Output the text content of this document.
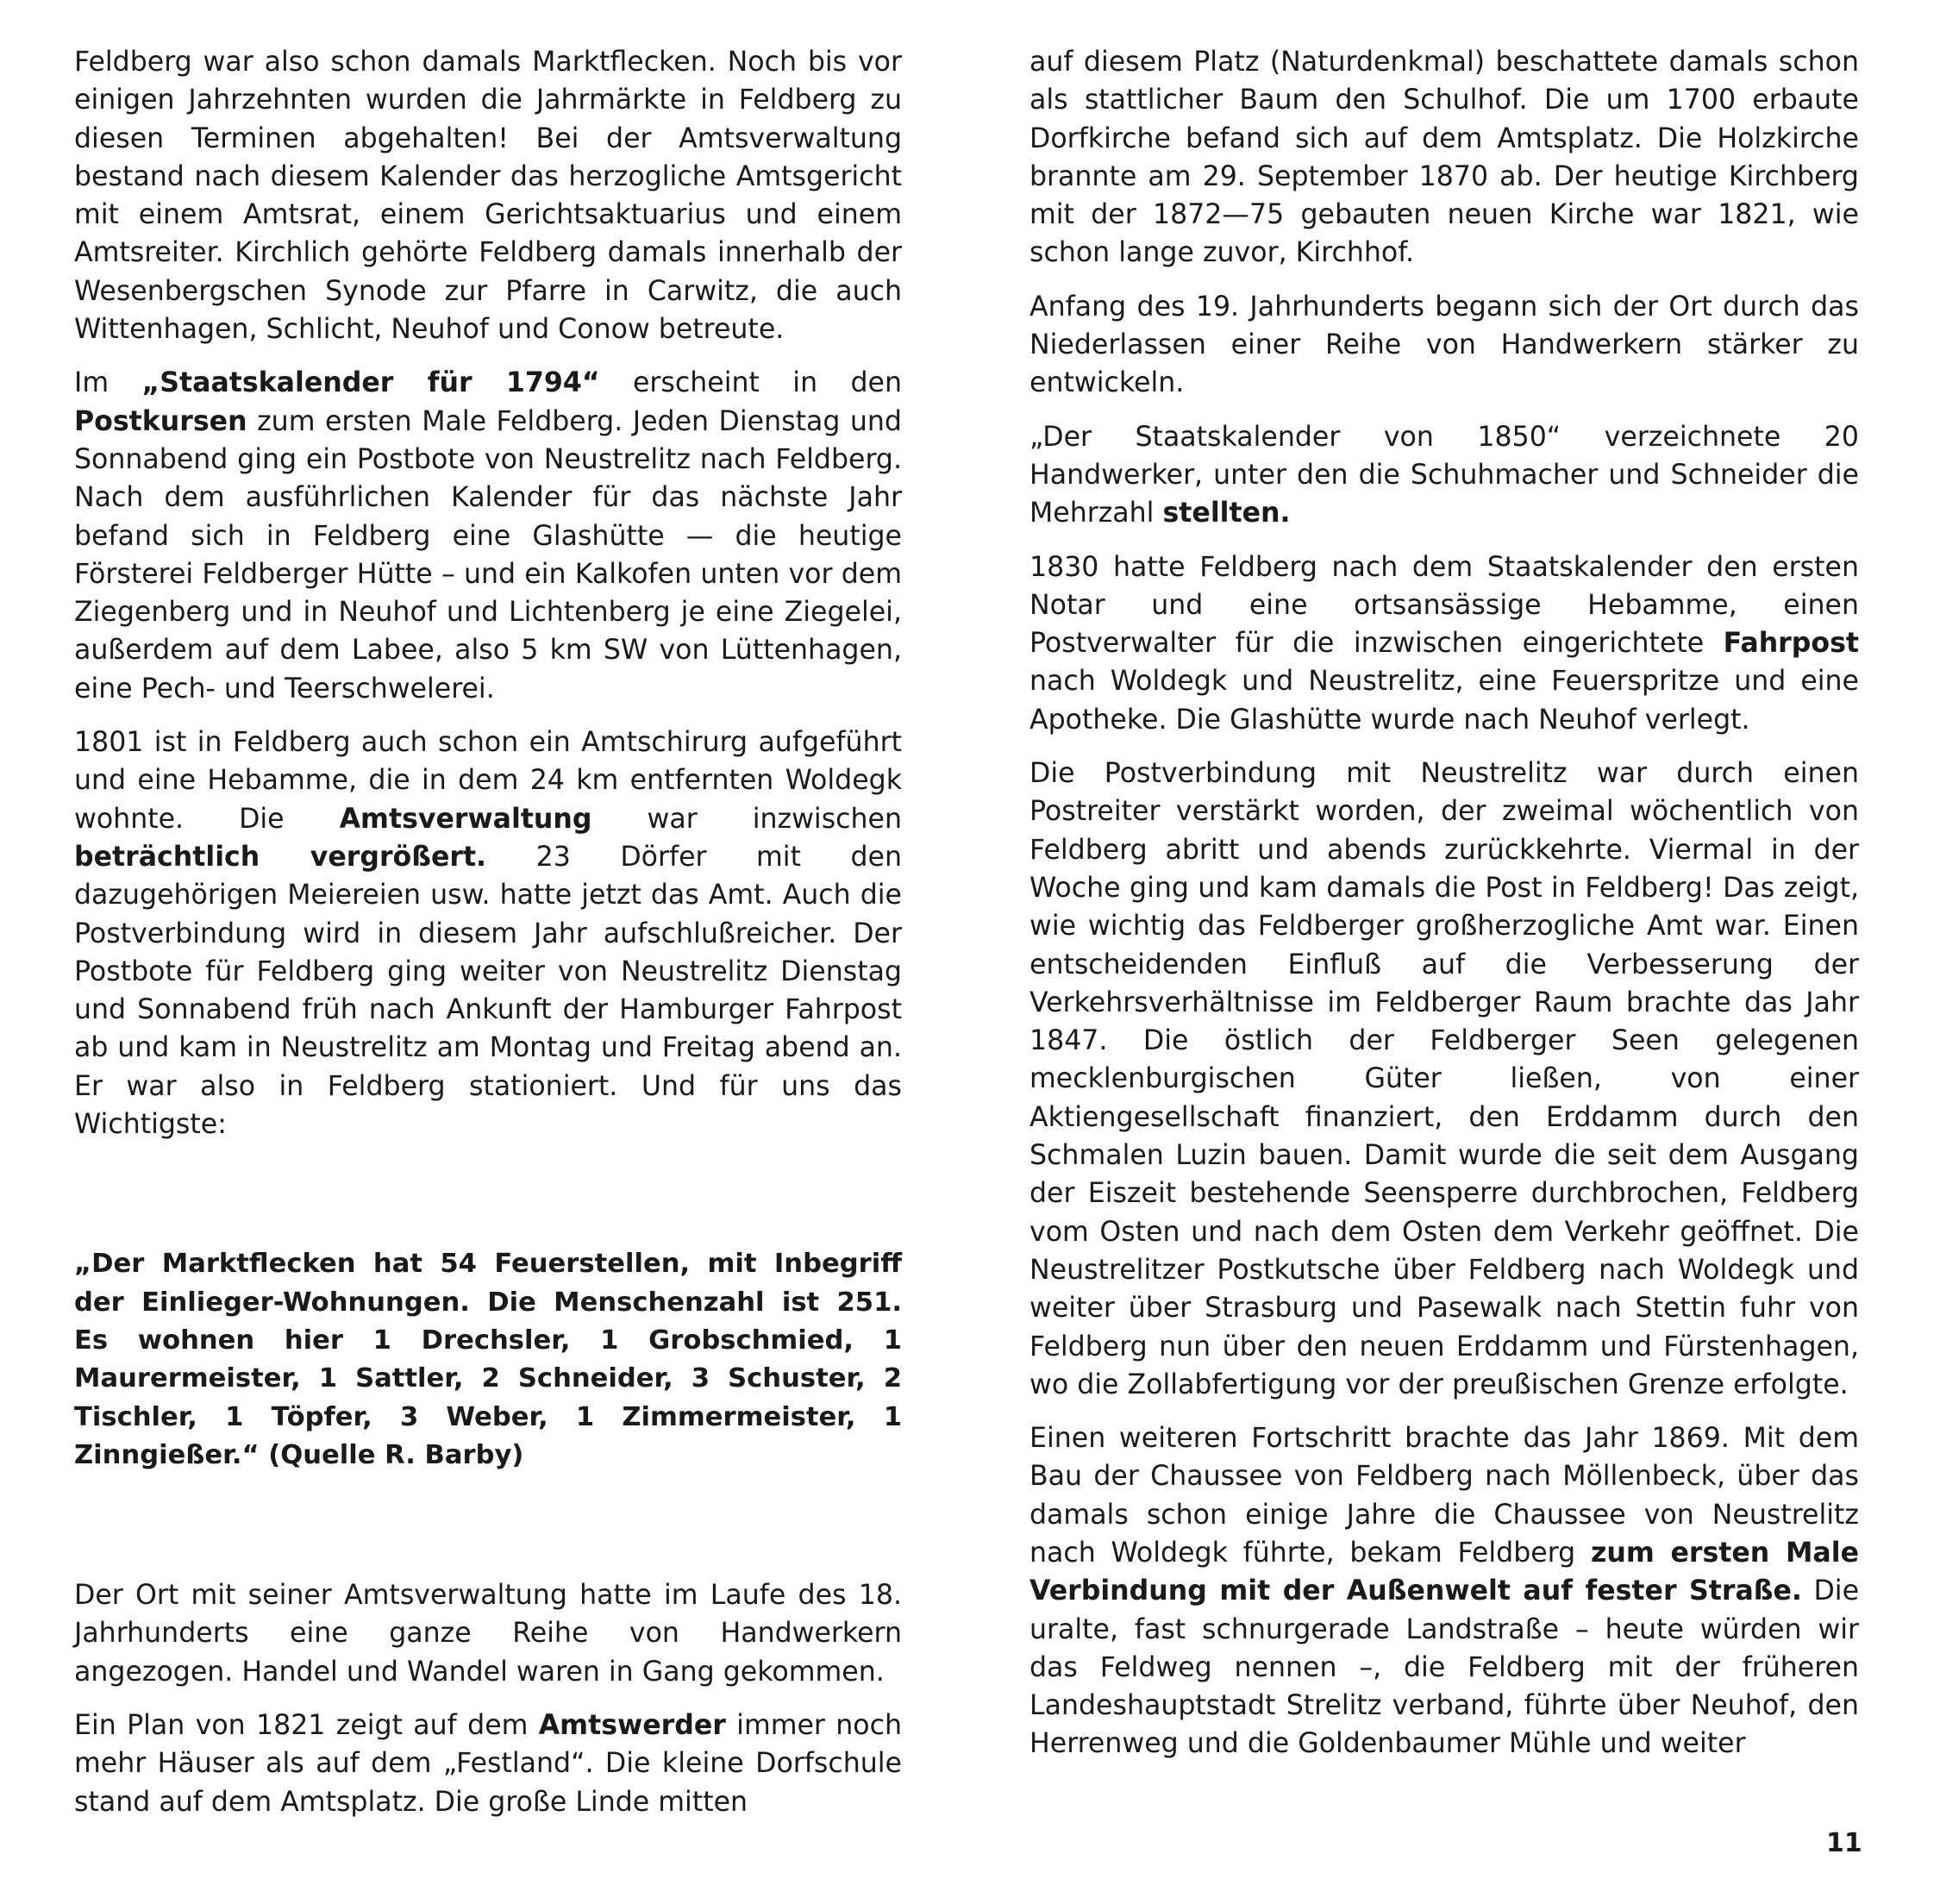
Feldberg war also schon damals Marktflecken. Noch bis vor einigen Jahrzehnten wurden die Jahrmärkte in Feldberg zu diesen Terminen abgehalten! Bei der Amtsverwaltung bestand nach diesem Kalender das herzogliche Amtsgericht mit einem Amtsrat, einem Gerichtsaktuarius und einem Amtsreiter. Kirchlich gehörte Feldberg damals innerhalb der Wesenbergschen Synode zur Pfarre in Carwitz, die auch Wittenhagen, Schlicht, Neuhof und Conow betreute.

Im „Staatskalender für 1794“ erscheint in den Postkursen zum ersten Male Feldberg. Jeden Dienstag und Sonnabend ging ein Postbote von Neustrelitz nach Feldberg. Nach dem ausführlichen Kalender für das nächste Jahr befand sich in Feldberg eine Glashütte — die heutige Försterei Feldberger Hütte – und ein Kalkofen unten vor dem Ziegenberg und in Neuhof und Lichtenberg je eine Ziegelei, außerdem auf dem Labee, also 5 km SW von Lüttenhagen, eine Pech- und Teerschwelerei.

1801 ist in Feldberg auch schon ein Amtschirurg aufgeführt und eine Hebamme, die in dem 24 km entfernten Woldegk wohnte. Die Amtsverwaltung war inzwischen beträchtlich vergrößert. 23 Dörfer mit den dazugehörigen Meiereien usw. hatte jetzt das Amt. Auch die Postverbindung wird in diesem Jahr aufschlußreicher. Der Postbote für Feldberg ging weiter von Neustrelitz Dienstag und Sonnabend früh nach Ankunft der Hamburger Fahrpost ab und kam in Neustrelitz am Montag und Freitag abend an. Er war also in Feldberg stationiert. Und für uns das Wichtigste:

„Der Marktflecken hat 54 Feuerstellen, mit Inbegriff der Einlieger-Wohnungen. Die Menschenzahl ist 251. Es wohnen hier 1 Drechsler, 1 Grobschmied, 1 Maurermeister, 1 Sattler, 2 Schneider, 3 Schuster, 2 Tischler, 1 Töpfer, 3 Weber, 1 Zimmermeister, 1 Zinngießer.“ (Quelle R. Barby)

Der Ort mit seiner Amtsverwaltung hatte im Laufe des 18. Jahrhunderts eine ganze Reihe von Handwerkern angezogen. Handel und Wandel waren in Gang gekommen.

Ein Plan von 1821 zeigt auf dem Amtswerder immer noch mehr Häuser als auf dem „Festland“. Die kleine Dorfschule stand auf dem Amtsplatz. Die große Linde mitten

auf diesem Platz (Naturdenkmal) beschattete damals schon als stattlicher Baum den Schulhof. Die um 1700 erbaute Dorfkirche befand sich auf dem Amtsplatz. Die Holzkirche brannte am 29. September 1870 ab. Der heutige Kirchberg mit der 1872—75 gebauten neuen Kirche war 1821, wie schon lange zuvor, Kirchhof.

Anfang des 19. Jahrhunderts begann sich der Ort durch das Niederlassen einer Reihe von Handwerkern stärker zu entwickeln.

„Der Staatskalender von 1850“ verzeichnete 20 Handwerker, unter den die Schuhmacher und Schneider die Mehrzahl stellten.

1830 hatte Feldberg nach dem Staatskalender den ersten Notar und eine ortsansässige Hebamme, einen Postverwalter für die inzwischen eingerichtete Fahrpost nach Woldegk und Neustrelitz, eine Feuerspritze und eine Apotheke. Die Glashütte wurde nach Neuhof verlegt.

Die Postverbindung mit Neustrelitz war durch einen Postreiter verstärkt worden, der zweimal wöchentlich von Feldberg abritt und abends zurückkehrte. Viermal in der Woche ging und kam damals die Post in Feldberg! Das zeigt, wie wichtig das Feldberger großherzogliche Amt war. Einen entscheidenden Einfluß auf die Verbesserung der Verkehrsverhältnisse im Feldberger Raum brachte das Jahr 1847. Die östlich der Feldberger Seen gelegenen mecklenburgischen Güter ließen, von einer Aktiengesellschaft finanziert, den Erddamm durch den Schmalen Luzin bauen. Damit wurde die seit dem Ausgang der Eiszeit bestehende Seensperre durchbrochen, Feldberg vom Osten und nach dem Osten dem Verkehr geöffnet. Die Neustrelitzer Postkutsche über Feldberg nach Woldegk und weiter über Strasburg und Pasewalk nach Stettin fuhr von Feldberg nun über den neuen Erddamm und Fürstenhagen, wo die Zollabfertigung vor der preußischen Grenze erfolgte.

Einen weiteren Fortschritt brachte das Jahr 1869. Mit dem Bau der Chaussee von Feldberg nach Möllenbeck, über das damals schon einige Jahre die Chaussee von Neustrelitz nach Woldegk führte, bekam Feldberg zum ersten Male Verbindung mit der Außenwelt auf fester Straße. Die uralte, fast schnurgerade Landstraße – heute würden wir das Feldweg nennen –, die Feldberg mit der früheren Landeshauptstadt Strelitz verband, führte über Neuhof, den Herrenweg und die Goldenbaumer Mühle und weiter

11
